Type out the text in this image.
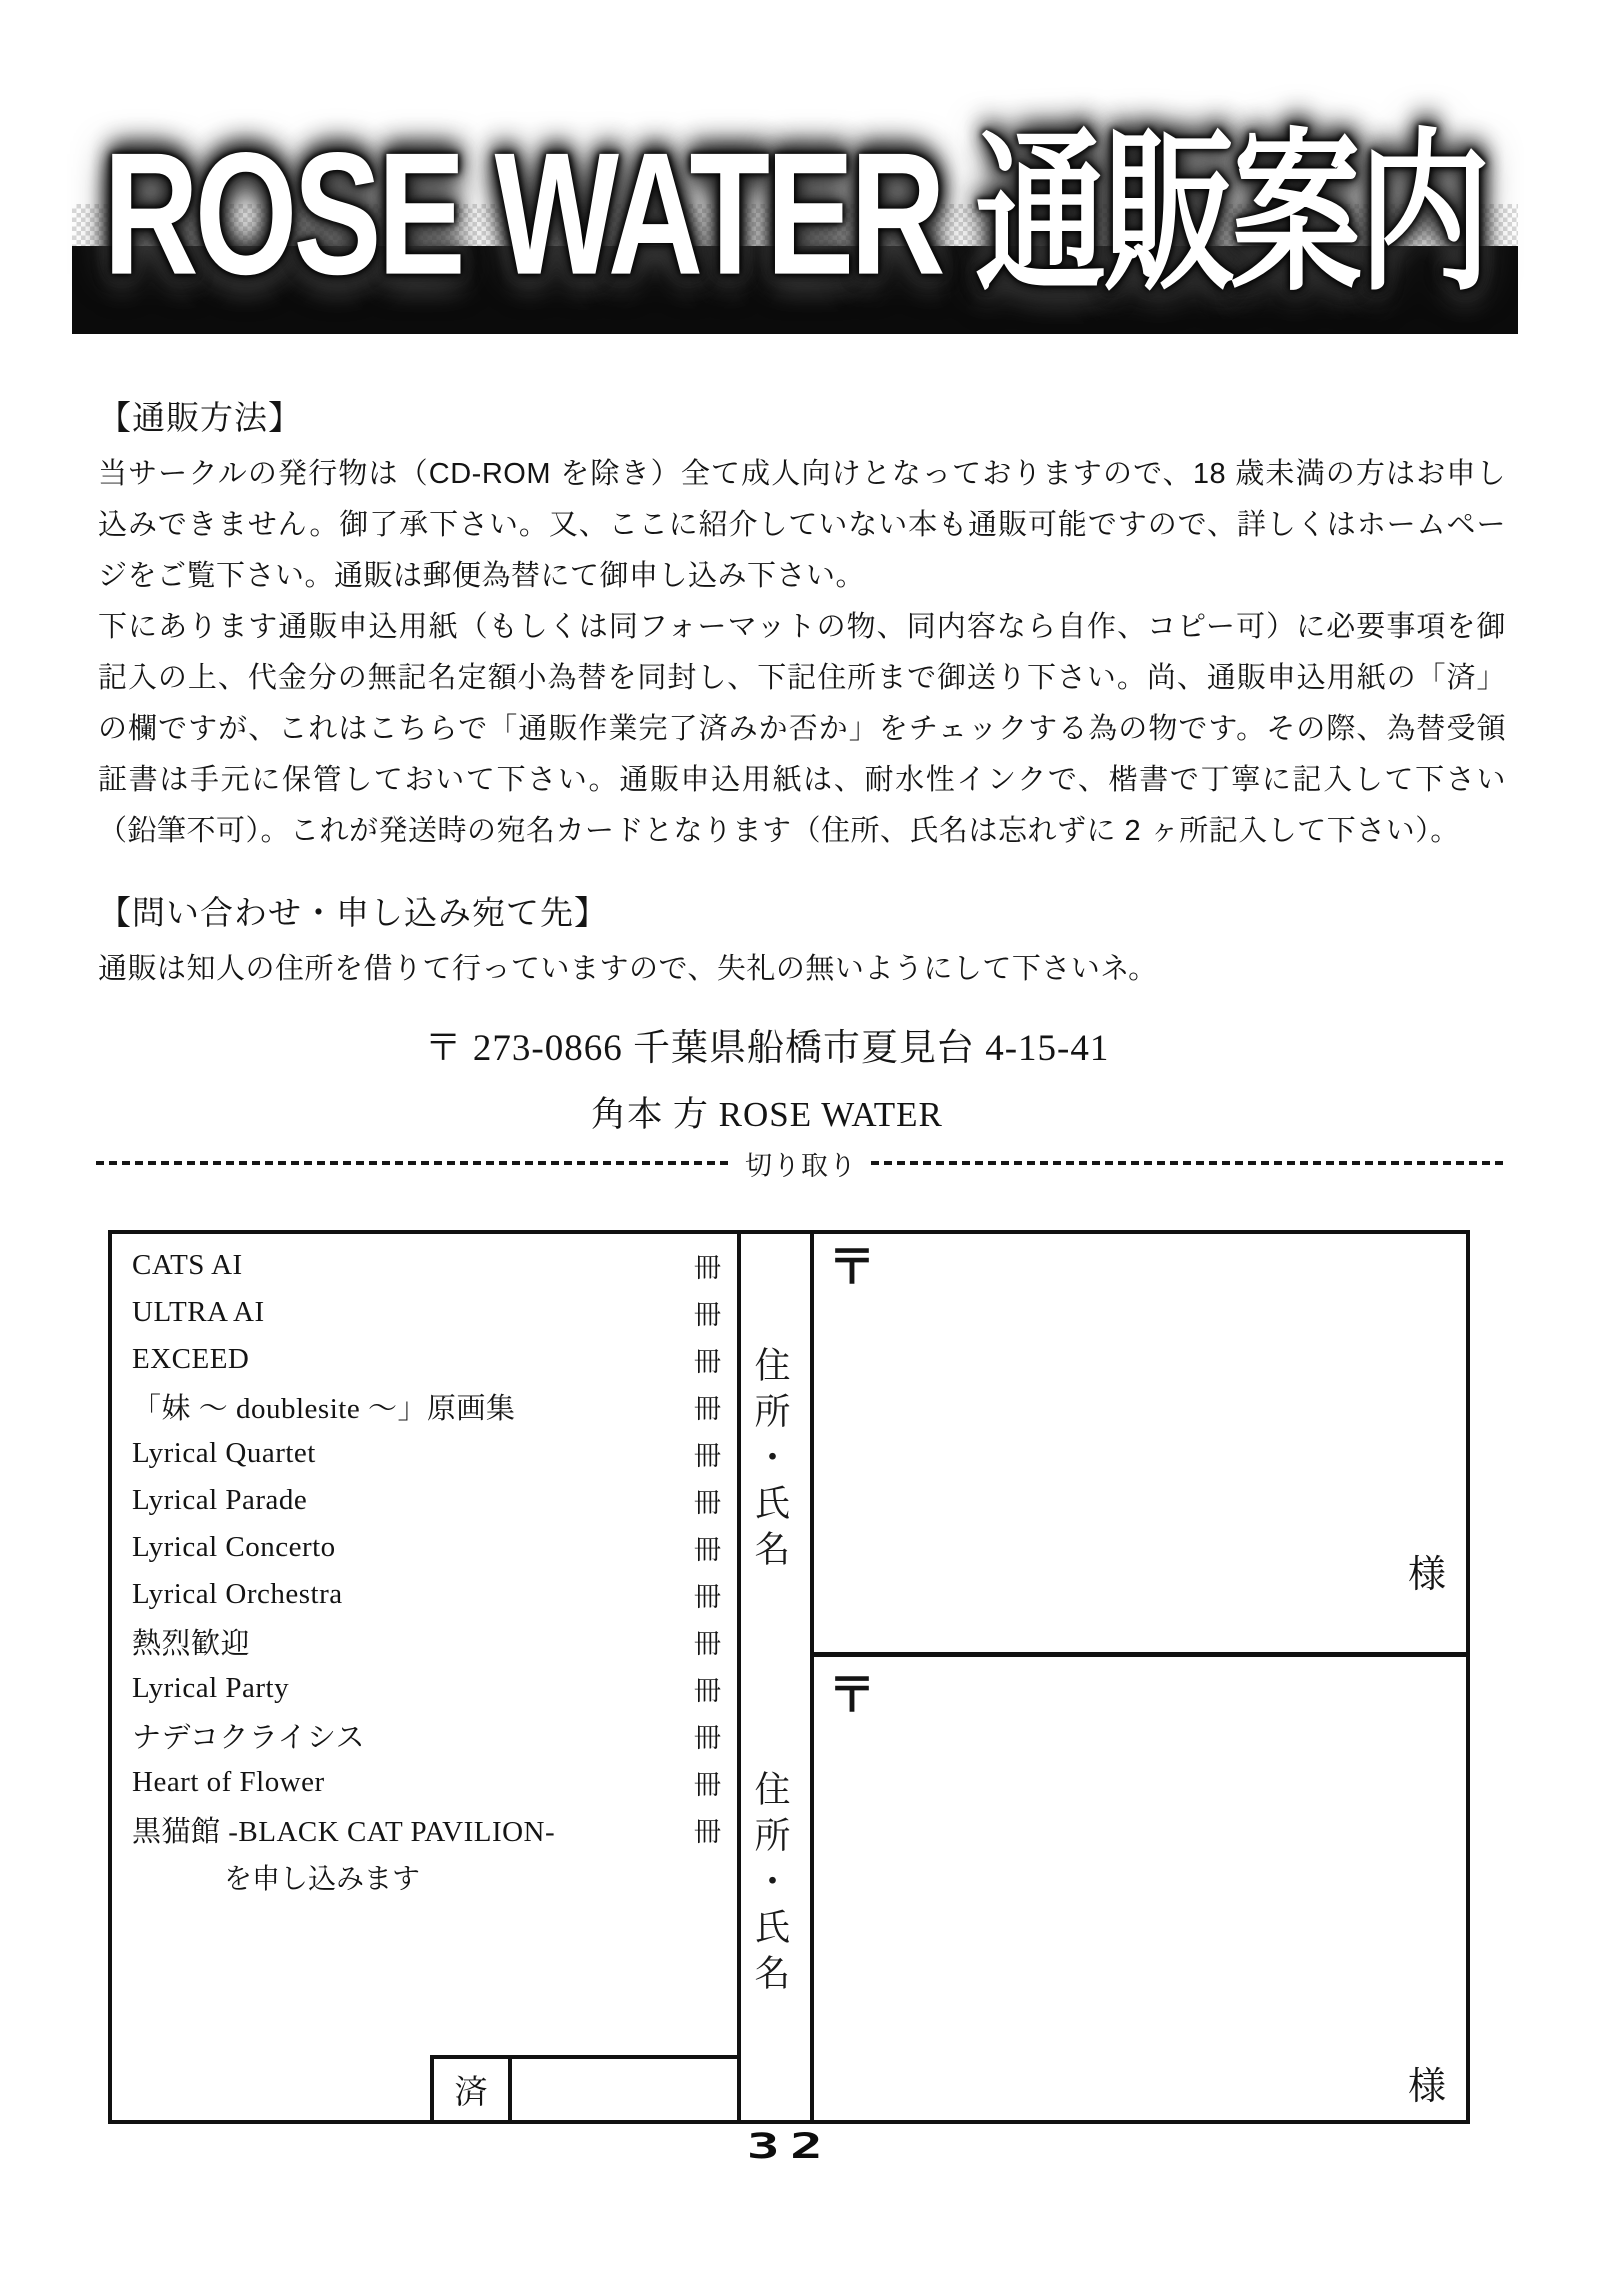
ROSE WATER 通販案内
【通販方法】

当サークルの発行物は（CD-ROM を除き）全て成人向けとなっておりますので、18 歳未満の方はお申し込みできません。御了承下さい。又、ここに紹介していない本も通販可能ですので、詳しくはホームページをご覧下さい。通販は郵便為替にて御申し込み下さい。

下にあります通販申込用紙（もしくは同フォーマットの物、同内容なら自作、コピー可）に必要事項を御記入の上、代金分の無記名定額小為替を同封し、下記住所まで御送り下さい。尚、通販申込用紙の「済」の欄ですが、これはこちらで「通販作業完了済みか否か」をチェックする為の物です。その際、為替受領証書は手元に保管しておいて下さい。通販申込用紙は、耐水性インクで、楷書で丁寧に記入して下さい（鉛筆不可）。これが発送時の宛名カードとなります（住所、氏名は忘れずに 2 ヶ所記入して下さい）。

【問い合わせ・申し込み宛て先】

通販は知人の住所を借りて行っていますので、失礼の無いようにして下さいネ。

〒 273-0866 千葉県船橋市夏見台 4-15-41

角本 方 ROSE WATER

切り取り
CATS AI	冊
ULTRA AI	冊
EXCEED	冊
「妹 ～ doublesite ～」原画集	冊
Lyrical Quartet	冊
Lyrical Parade	冊
Lyrical Concerto	冊
Lyrical Orchestra	冊
熱烈歓迎	冊
Lyrical Party	冊
ナデコクライシス	冊
Heart of Flower	冊
黒猫館 -BLACK CAT PAVILION-	冊
を申し込みます
住所・氏名
住所・氏名
〒
〒
様
様
済
32
